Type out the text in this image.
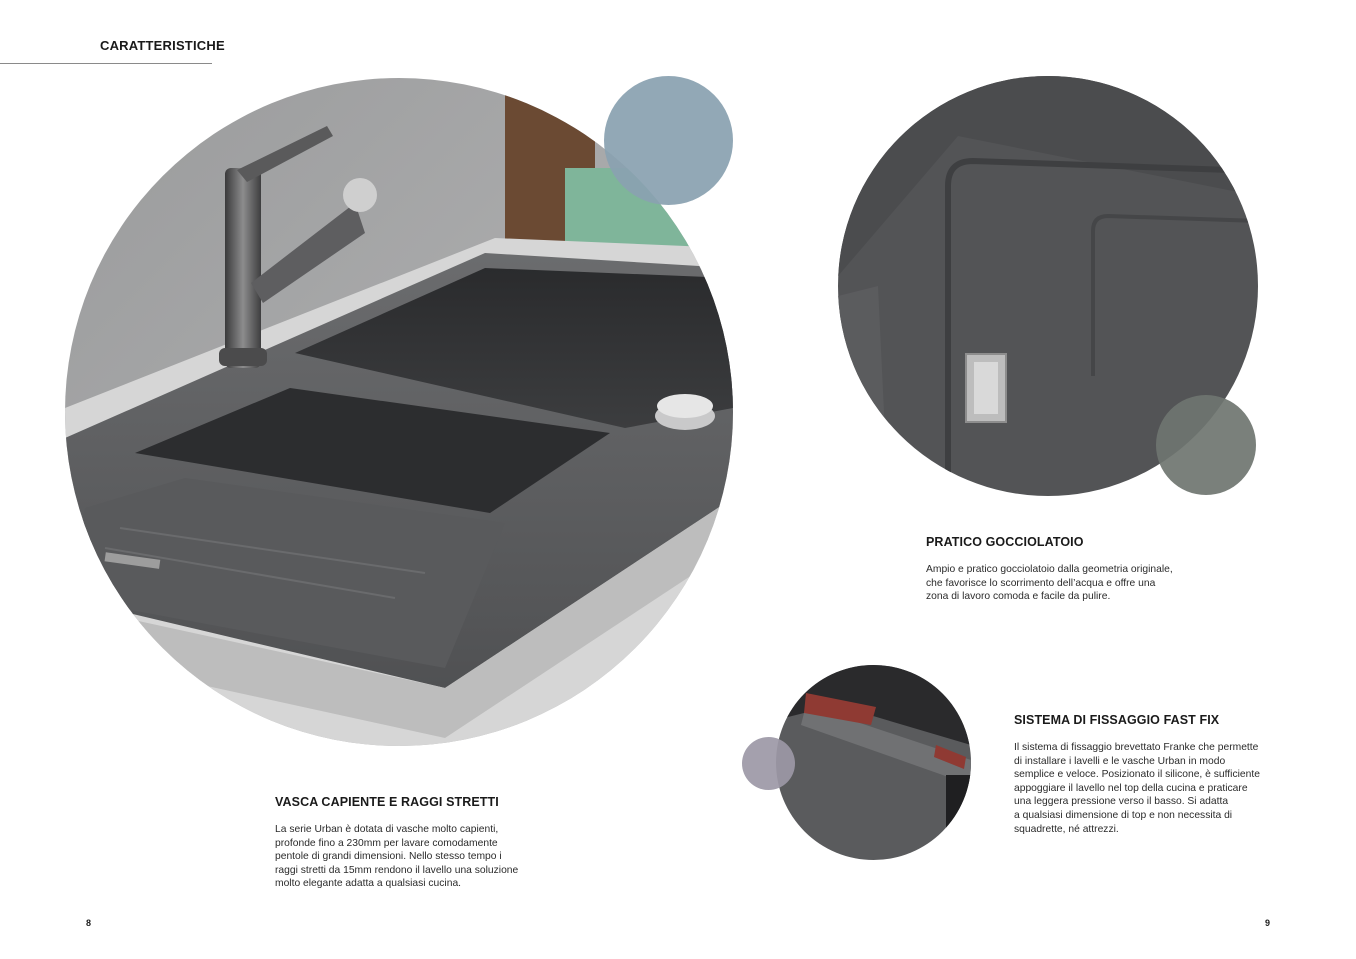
CARATTERISTICHE
VASCA CAPIENTE E RAGGI STRETTI
La serie Urban è dotata di vasche molto capienti,
profonde fino a 230mm per lavare comodamente
pentole di grandi dimensioni. Nello stesso tempo i
raggi stretti da 15mm rendono il lavello una soluzione
molto elegante adatta a qualsiasi cucina.
PRATICO GOCCIOLATOIO
Ampio e pratico gocciolatoio dalla geometria originale,
che favorisce lo scorrimento dell’acqua e offre una
zona di lavoro comoda e facile da pulire.
SISTEMA DI FISSAGGIO FAST FIX
Il sistema di fissaggio brevettato Franke che permette
di installare i lavelli e le vasche Urban in modo
semplice e veloce. Posizionato il silicone, è sufficiente
appoggiare il lavello nel top della cucina e praticare
una leggera pressione verso il basso. Si adatta
a qualsiasi dimensione di top e non necessita di
squadrette, né attrezzi.
8	9
